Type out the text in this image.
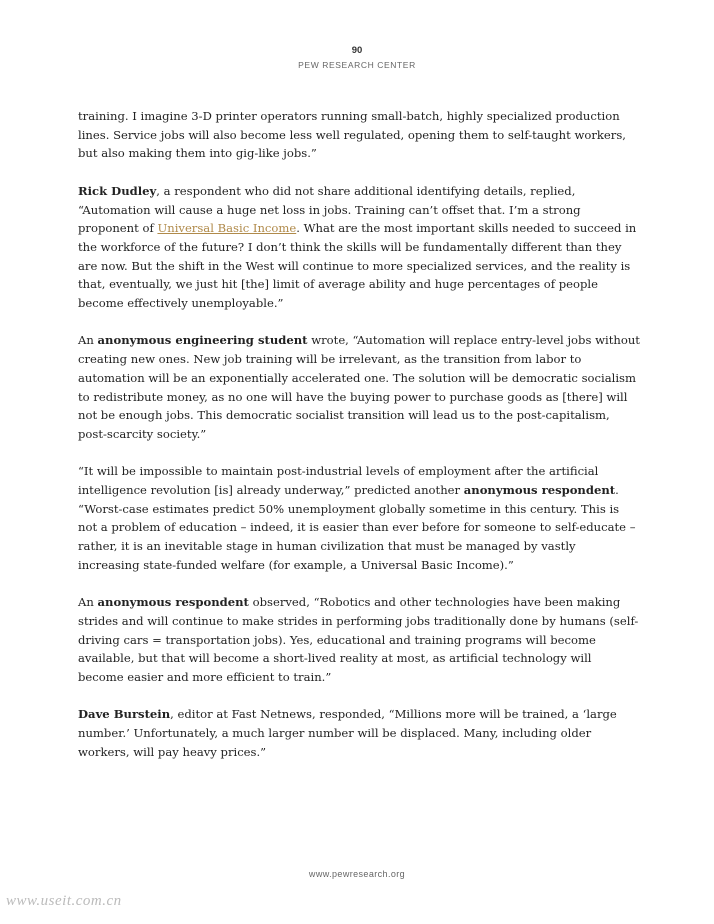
90
PEW RESEARCH CENTER

training. I imagine 3-D printer operators running small-batch, highly specialized production lines. Service jobs will also become less well regulated, opening them to self-taught workers, but also making them into gig-like jobs.”

Rick Dudley, a respondent who did not share additional identifying details, replied, “Automation will cause a huge net loss in jobs. Training can’t offset that. I’m a strong proponent of Universal Basic Income. What are the most important skills needed to succeed in the workforce of the future? I don’t think the skills will be fundamentally different than they are now. But the shift in the West will continue to more specialized services, and the reality is that, eventually, we just hit [the] limit of average ability and huge percentages of people become effectively unemployable.”

An anonymous engineering student wrote, “Automation will replace entry-level jobs without creating new ones. New job training will be irrelevant, as the transition from labor to automation will be an exponentially accelerated one. The solution will be democratic socialism to redistribute money, as no one will have the buying power to purchase goods as [there] will not be enough jobs. This democratic socialist transition will lead us to the post-capitalism, post-scarcity society.”

“It will be impossible to maintain post-industrial levels of employment after the artificial intelligence revolution [is] already underway,” predicted another anonymous respondent. “Worst-case estimates predict 50% unemployment globally sometime in this century. This is not a problem of education – indeed, it is easier than ever before for someone to self-educate – rather, it is an inevitable stage in human civilization that must be managed by vastly increasing state-funded welfare (for example, a Universal Basic Income).”

An anonymous respondent observed, “Robotics and other technologies have been making strides and will continue to make strides in performing jobs traditionally done by humans (self-driving cars = transportation jobs). Yes, educational and training programs will become available, but that will become a short-lived reality at most, as artificial technology will become easier and more efficient to train.”

Dave Burstein, editor at Fast Netnews, responded, “Millions more will be trained, a ‘large number.’ Unfortunately, a much larger number will be displaced. Many, including older workers, will pay heavy prices.”

www.pewresearch.org
www.useit.com.cn
